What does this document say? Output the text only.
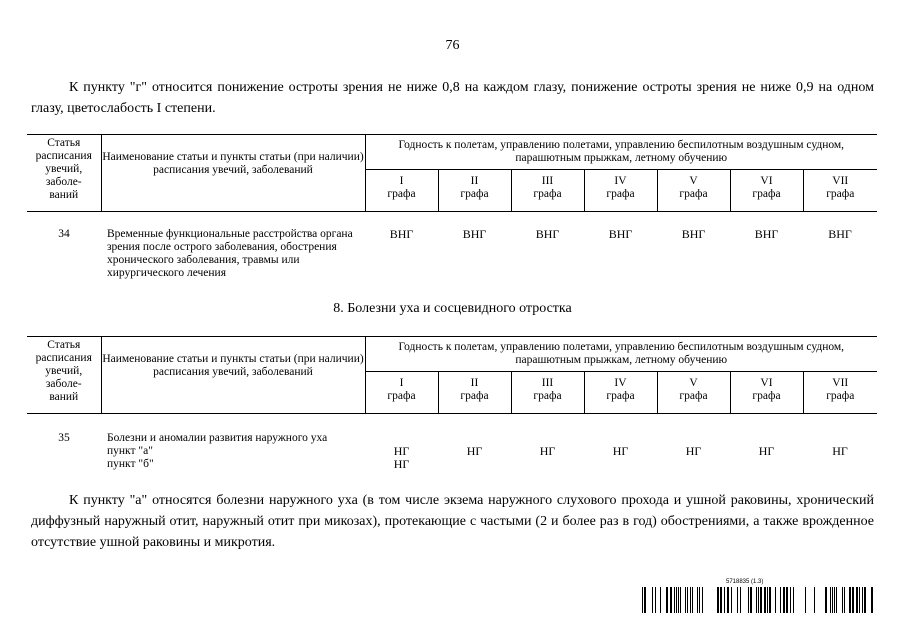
76

К пункту "г" относится понижение остроты зрения не ниже 0,8 на каждом глазу, понижение остроты зрения не ниже 0,9 на одном глазу, цветослабость I степени.

Статья
расписания
увечий,
заболе-
ваний	Наименование статьи и пункты статьи (при наличии) расписания увечий, заболеваний	Годность к полетам, управлению полетами, управлению беспилотным воздушным судном, парашютным прыжкам, летному обучению						

		I
графа	II
графа	III
графа	IV
графа	V
графа	VI
графа	VII
графа

34	Временные функциональные расстройства органа зрения после острого заболевания, обострения хронического заболевания, травмы или хирургического лечения	ВНГ	ВНГ	ВНГ	ВНГ	ВНГ	ВНГ	ВНГ
8. Болезни уха и сосцевидного отростка
Статья
расписания
увечий,
заболе-
ваний	Наименование статьи и пункты статьи (при наличии) расписания увечий, заболеваний	Годность к полетам, управлению полетами, управлению беспилотным воздушным судном, парашютным прыжкам, летному обучению						

		I
графа	II
графа	III
графа	IV
графа	V
графа	VI
графа	VII
графа

35	Болезни и аномалии развития наружного уха
пункт "а"
пункт "б"	НГ
НГ	НГ	НГ	НГ	НГ	НГ	НГ

К пункту "а" относятся болезни наружного уха (в том числе экзема наружного слухового прохода и ушной раковины, хронический диффузный наружный отит, наружный отит при микозах), протекающие с частыми (2 и более раз в год) обострениями, а также врожденное отсутствие ушной раковины и микротия.

5718835 (1.3)
